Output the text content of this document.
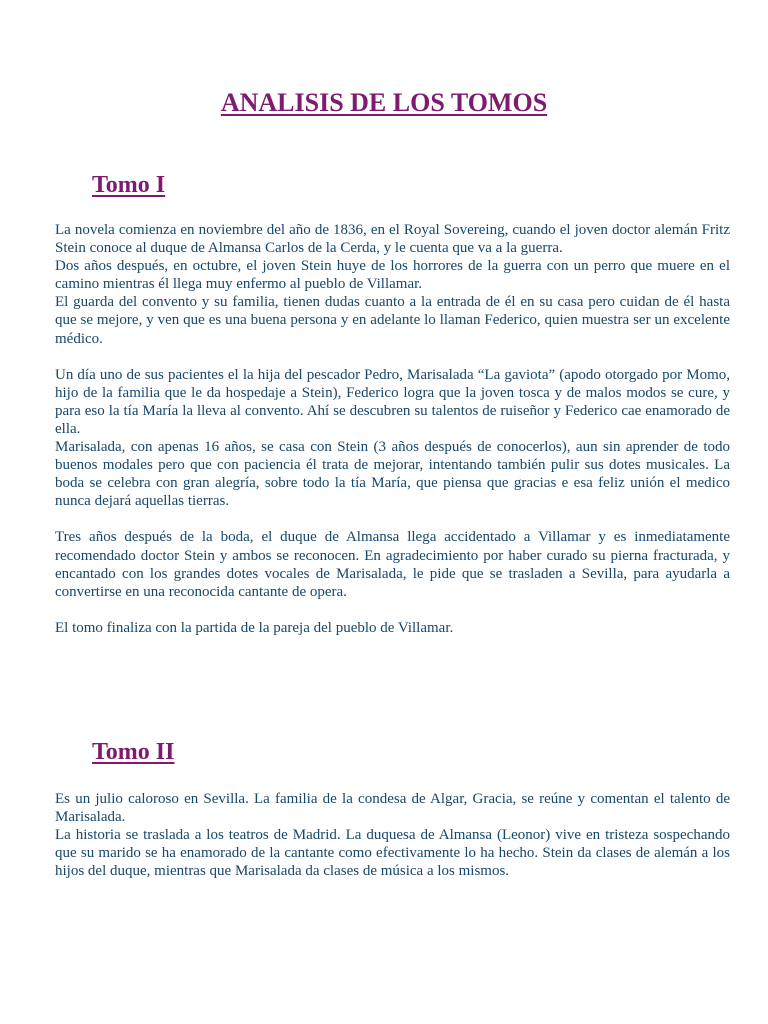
ANALISIS DE LOS TOMOS
Tomo I

La novela comienza en noviembre del año de 1836, en el Royal Sovereing, cuando el joven doctor alemán Fritz Stein conoce al duque de Almansa Carlos de la Cerda, y le cuenta que va a la guerra.

Dos años después, en octubre, el joven Stein huye de los horrores de la guerra con un perro que muere en el camino mientras él llega muy enfermo al pueblo de Villamar.

El guarda del convento y su familia, tienen dudas cuanto a la entrada de él en su casa pero cuidan de él hasta que se mejore, y ven que es una buena persona y en adelante lo llaman Federico, quien muestra ser un excelente médico.

Un día uno de sus pacientes el la hija del pescador Pedro, Marisalada “La gaviota” (apodo otorgado por Momo, hijo de la familia que le da hospedaje a Stein), Federico logra que la joven tosca y de malos modos se cure, y para eso la tía María la lleva al convento. Ahí se descubren su talentos de ruiseñor y Federico cae enamorado de ella.

Marisalada, con apenas 16 años, se casa con Stein (3 años después de conocerlos), aun sin aprender de todo buenos modales pero que con paciencia él trata de mejorar, intentando también pulir sus dotes musicales. La boda se celebra con gran alegría, sobre todo la tía María, que piensa que gracias e esa feliz unión el medico nunca dejará aquellas tierras.

Tres años después de la boda, el duque de Almansa llega accidentado a Villamar y es inmediatamente recomendado doctor Stein y ambos se reconocen. En agradecimiento por haber curado su pierna fracturada, y encantado con los grandes dotes vocales de Marisalada, le pide que se trasladen a Sevilla, para ayudarla a convertirse en una reconocida cantante de opera.

El tomo finaliza con la partida de la pareja del pueblo de Villamar.

Tomo II

Es un julio caloroso en Sevilla. La familia de la condesa de Algar, Gracia, se reúne y comentan el talento de Marisalada.

La historia se traslada a los teatros de Madrid. La duquesa de Almansa (Leonor) vive en tristeza sospechando que su marido se ha enamorado de la cantante como efectivamente lo ha hecho. Stein da clases de alemán a los hijos del duque, mientras que Marisalada da clases de música a los mismos.
